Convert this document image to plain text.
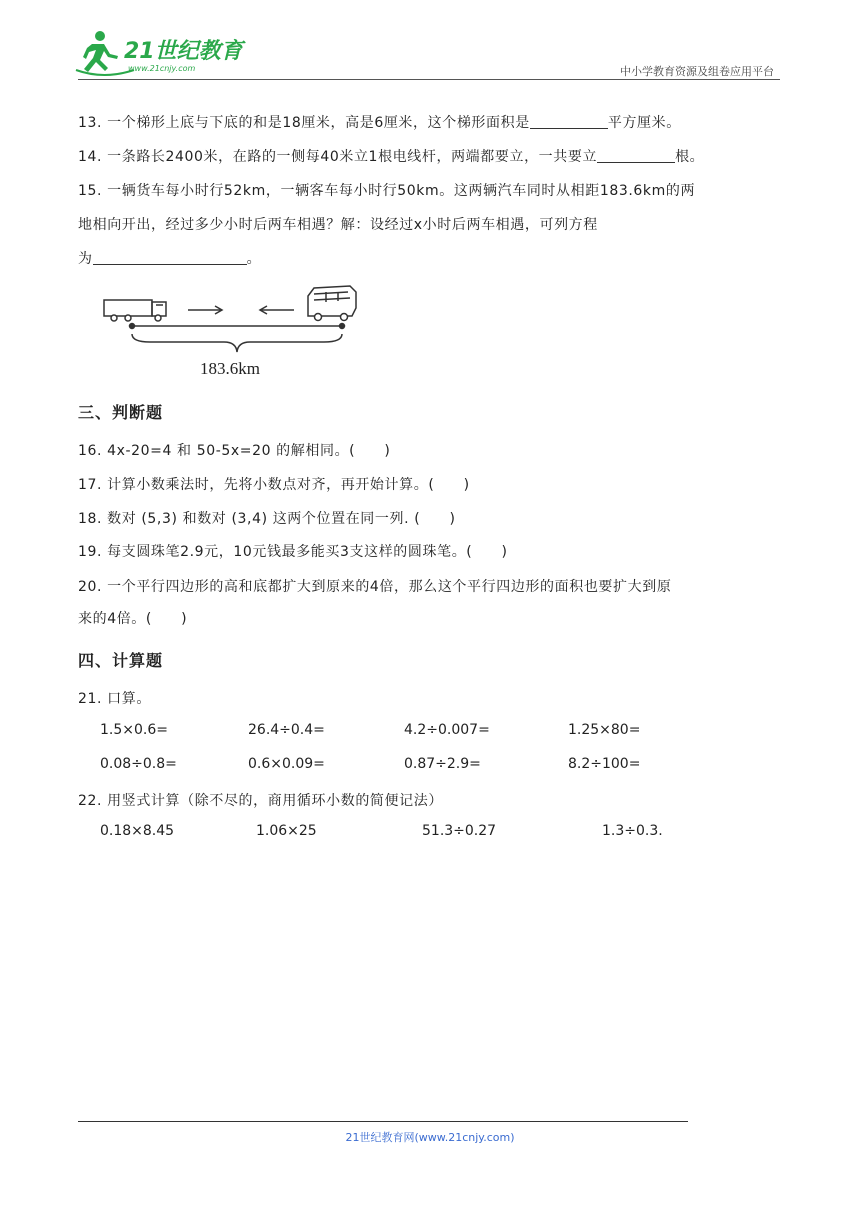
21世纪教育
www.21cnjy.com	中小学教育资源及组卷应用平台
13. 一个梯形上底与下底的和是18厘米，高是6厘米，这个梯形面积是	平方厘米。
14. 一条路长2400米，在路的一侧每40米立1根电线杆，两端都要立，一共要立	根。
15. 一辆货车每小时行52km，一辆客车每小时行50km。这两辆汽车同时从相距183.6km的两
地相向开出，经过多少小时后两车相遇？解：设经过x小时后两车相遇，可列方程
为	。
183.6km
三、判断题
16. 4x-20=4 和 50-5x=20 的解相同。(　　)
17. 计算小数乘法时，先将小数点对齐，再开始计算。(　　)
18. 数对 (5,3) 和数对 (3,4) 这两个位置在同一列. (　　)
19. 每支圆珠笔2.9元，10元钱最多能买3支这样的圆珠笔。(　　)
20. 一个平行四边形的高和底都扩大到原来的4倍，那么这个平行四边形的面积也要扩大到原
来的4倍。(　　)
四、计算题
21. 口算。
1.5×0.6=	26.4÷0.4=	4.2÷0.007=	1.25×80=
0.08÷0.8=	0.6×0.09=	0.87÷2.9=	8.2÷100=
22. 用竖式计算（除不尽的，商用循环小数的简便记法）
0.18×8.45	1.06×25	51.3÷0.27	1.3÷0.3.
21世纪教育网(www.21cnjy.com)
